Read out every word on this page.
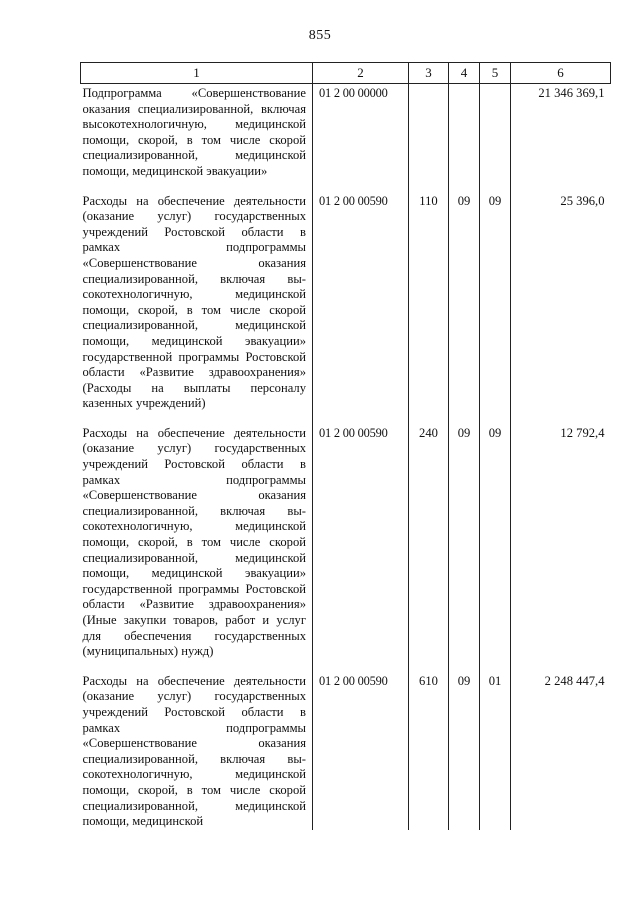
855
1	2	3	4	5	6
Подпрограмма «Совершенствование оказания специализированной, включая высокотехнологичную, медицинской помощи, скорой, в том числе скорой специализированной, медицинской помощи, медицинской эвакуации»	01 2 00 00000				21 346 369,1
Расходы на обеспечение деятельности (оказание услуг) государственных учреждений Ростовской области в рамках подпрограммы «Совершенствование оказания специализированной, включая высокотехнологичную, медицинской помощи, скорой, в том числе скорой специализированной, медицинской помощи, медицинской эвакуации» государственной программы Ростовской области «Развитие здравоохранения» (Расходы на выплаты персоналу казенных учреждений)	01 2 00 00590	110	09	09	25 396,0
Расходы на обеспечение деятельности (оказание услуг) государственных учреждений Ростовской области в рамках подпрограммы «Совершенствование оказания специализированной, включая высокотехнологичную, медицинской помощи, скорой, в том числе скорой специализированной, медицинской помощи, медицинской эвакуации» государственной программы Ростовской области «Развитие здравоохранения» (Иные закупки товаров, работ и услуг для обеспечения государственных (муниципальных) нужд)	01 2 00 00590	240	09	09	12 792,4
Расходы на обеспечение деятельности (оказание услуг) государственных учреждений Ростовской области в рамках подпрограммы «Совершенствование оказания специализированной, включая высокотехнологичную, медицинской помощи, скорой, в том числе скорой специализированной, медицинской помощи, медицинской	01 2 00 00590	610	09	01	2 248 447,4
